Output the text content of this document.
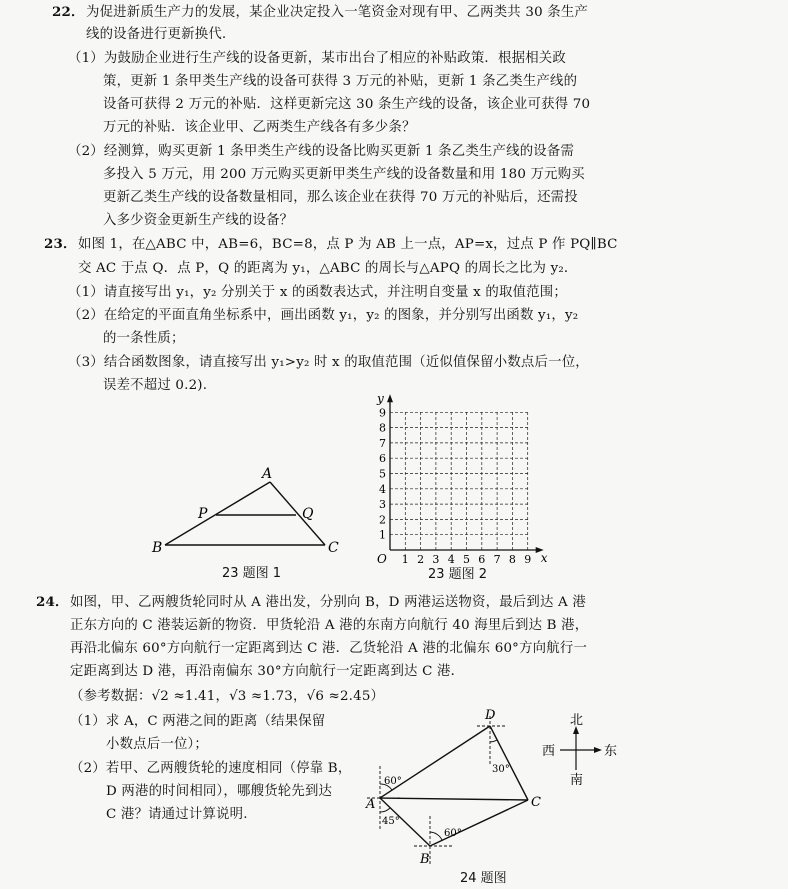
22． 为促进新质生产力的发展，某企业决定投入一笔资金对现有甲、乙两类共 30 条生产
线的设备进行更新换代.
（1）为鼓励企业进行生产线的设备更新，某市出台了相应的补贴政策．根据相关政
策，更新 1 条甲类生产线的设备可获得 3 万元的补贴，更新 1 条乙类生产线的
设备可获得 2 万元的补贴．这样更新完这 30 条生产线的设备，该企业可获得 70
万元的补贴．该企业甲、乙两类生产线各有多少条？
（2）经测算，购买更新 1 条甲类生产线的设备比购买更新 1 条乙类生产线的设备需
多投入 5 万元，用 200 万元购买更新甲类生产线的设备数量和用 180 万元购买
更新乙类生产线的设备数量相同，那么该企业在获得 70 万元的补贴后，还需投
入多少资金更新生产线的设备？
23． 如图 1，在△ABC 中，AB=6，BC=8，点 P 为 AB 上一点，AP=x，过点 P 作 PQ∥BC
交 AC 于点 Q．点 P，Q 的距离为 y₁，△ABC 的周长与△APQ 的周长之比为 y₂．
（1）请直接写出 y₁，y₂ 分别关于 x 的函数表达式，并注明自变量 x 的取值范围；
（2）在给定的平面直角坐标系中，画出函数 y₁，y₂ 的图象，并分别写出函数 y₁，y₂
的一条性质；
（3）结合函数图象，请直接写出 y₁>y₂ 时 x 的取值范围（近似值保留小数点后一位，
误差不超过 0.2).
A
B	C
P	Q
23 题图 1
1 2 3 4 5 6 7 8 9
1
2
3
4
5
6
7
8
9
O	x
y
23 题图 2
24． 如图，甲、乙两艘货轮同时从 A 港出发，分别向 B，D 两港运送物资，最后到达 A 港
正东方向的 C 港装运新的物资．甲货轮沿 A 港的东南方向航行 40 海里后到达 B 港，
再沿北偏东 60°方向航行一定距离到达 C 港．乙货轮沿 A 港的北偏东 60°方向航行一
定距离到达 D 港，再沿南偏东 30°方向航行一定距离到达 C 港．
（参考数据：√2 ≈1.41，√3 ≈1.73，√6 ≈2.45）
（1）求 A，C 两港之间的距离（结果保留
小数点后一位）；
（2）若甲、乙两艘货轮的速度相同（停靠 B，
D 两港的时间相同），哪艘货轮先到达
C 港？请通过计算说明.
D
A	C
B
60°
45°
60°
30°
24 题图
北
南
西	东
